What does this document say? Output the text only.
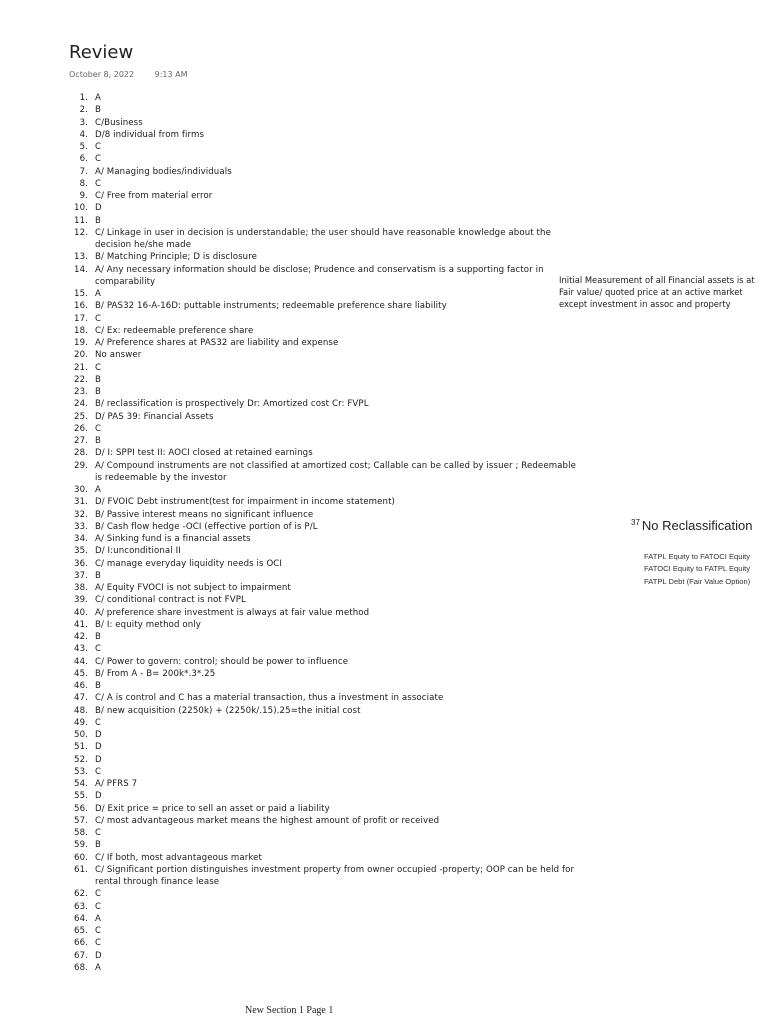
Review
October 8, 2022	9:13 AM
1. A
2. B
3. C/Business
4. D/8 individual from firms
5. C
6. C
7. A/ Managing bodies/individuals
8. C
9. C/ Free from material error
10. D
11. B
12. C/ Linkage in user in decision is understandable; the user should have reasonable knowledge about the decision he/she made
13. B/ Matching Principle; D is disclosure
14. A/ Any necessary information should be disclose; Prudence and conservatism is a supporting factor in comparability
15. A
16. B/ PAS32 16-A-16D: puttable instruments; redeemable preference share liability
17. C
18. C/ Ex: redeemable preference share
19. A/ Preference shares at PAS32 are liability and expense
20. No answer
21. C
22. B
23. B
24. B/ reclassification is prospectively Dr: Amortized cost Cr: FVPL
25. D/ PAS 39: Financial Assets
26. C
27. B
28. D/ I: SPPI test II: AOCI closed at retained earnings
29. A/ Compound instruments are not classified at amortized cost; Callable can be called by issuer ; Redeemable is redeemable by the investor
30. A
31. D/ FVOIC Debt instrument(test for impairment in income statement)
32. B/ Passive interest means no significant influence
33. B/ Cash flow hedge -OCI (effective portion of is P/L
34. A/ Sinking fund is a financial assets
35. D/ I:unconditional II
36. C/ manage everyday liquidity needs is OCI
37. B
38. A/ Equity FVOCI is not subject to impairment
39. C/ conditional contract is not FVPL
40. A/ preference share investment is always at fair value method
41. B/ I: equity method only
42. B
43. C
44. C/ Power to govern: control; should be power to influence
45. B/ From A - B= 200k*.3*.25
46. B
47. C/ A is control and C has a material transaction, thus a investment in associate
48. B/ new acquisition (2250k) + (2250k/.15).25=the initial cost
49. C
50. D
51. D
52. D
53. C
54. A/ PFRS 7
55. D
56. D/ Exit price = price to sell an asset or paid a liability
57. C/ most advantageous market means the highest amount of profit or received
58. C
59. B
60. C/ If both, most advantageous market
61. C/ Significant portion distinguishes investment property from owner occupied -property; OOP can be held for rental through finance lease
62. C
63. C
64. A
65. C
66. C
67. D
68. A
Initial Measurement of all Financial assets is at Fair value/ quoted price at an active market except investment in assoc and property
$^{37}$ No Reclassification
FATPL Equity to FATOCI Equity
FATOCI Equity to FATPL Equity
FATPL Debt (Fair Value Option)
New Section 1 Page 1
